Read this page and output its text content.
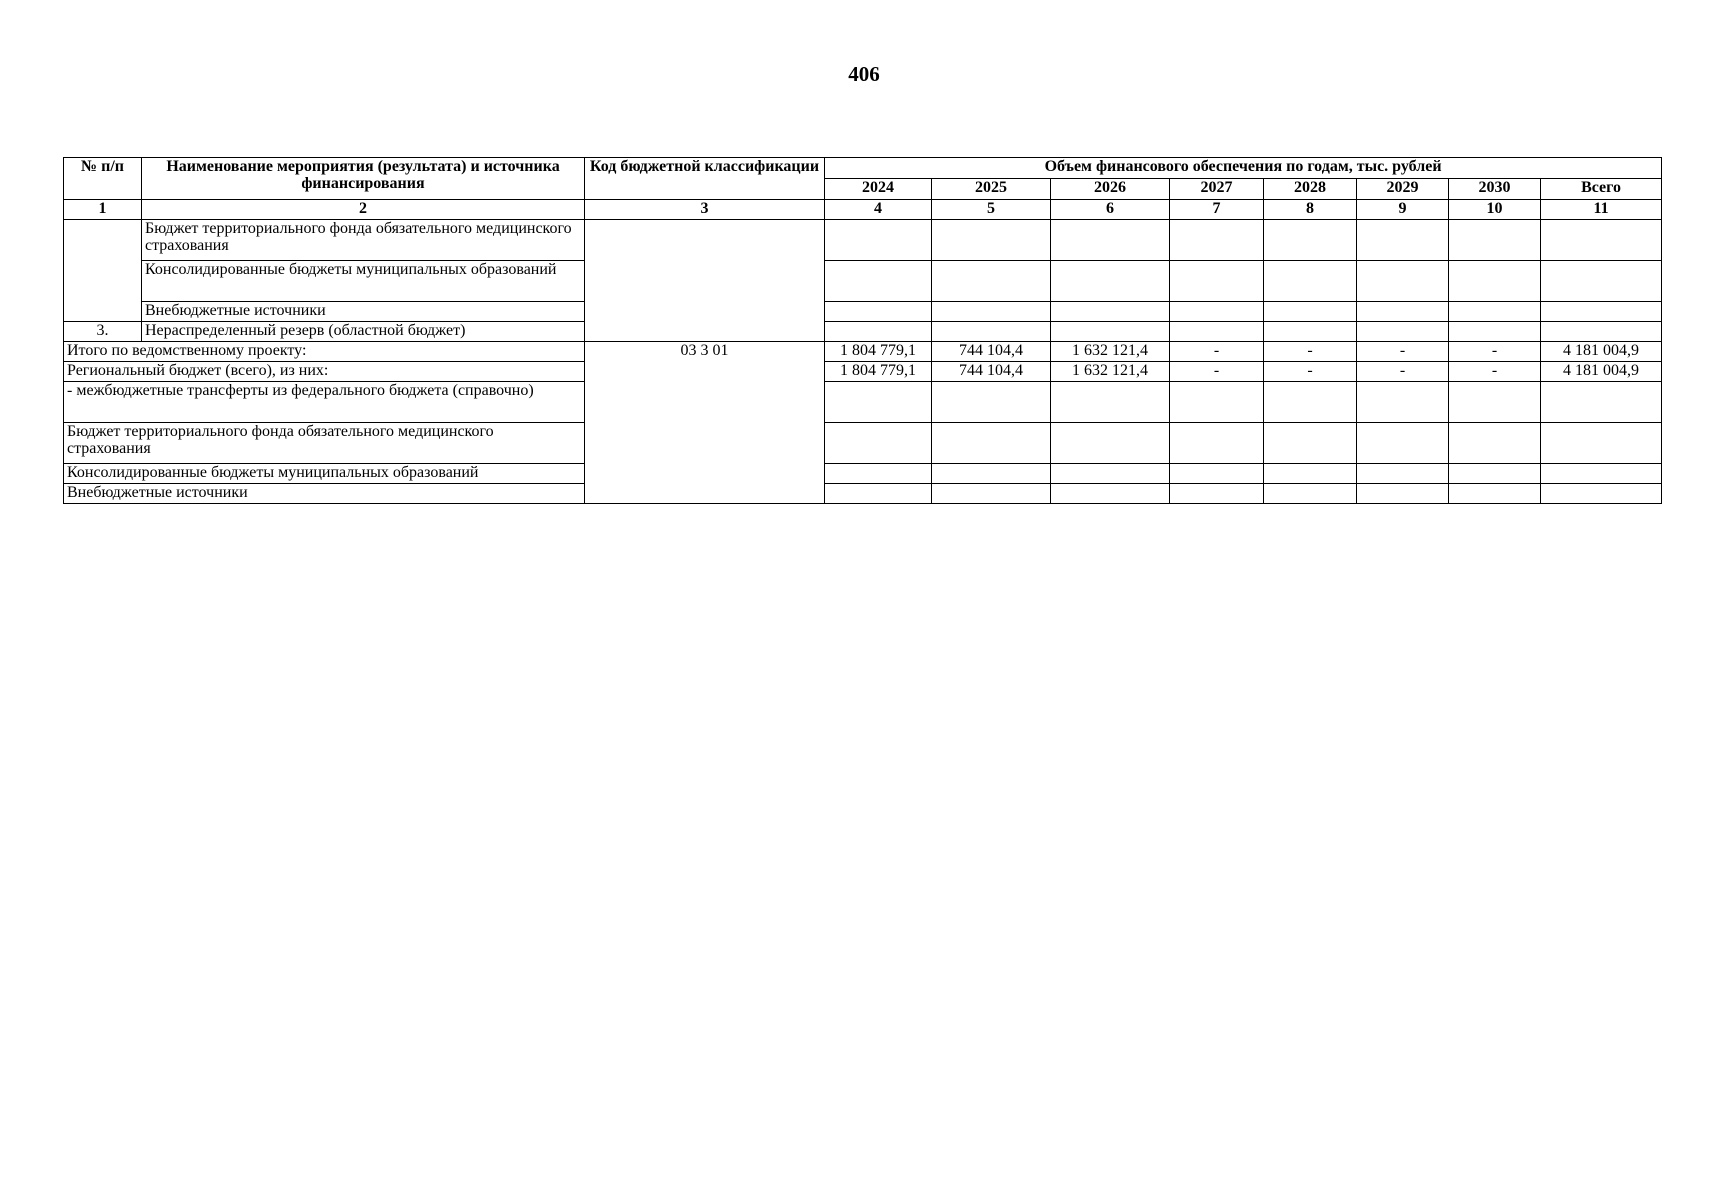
406
№ п/п	Наименование мероприятия (результата) и источника финансирования	Код бюджетной классификации	Объем финансового обеспечения по годам, тыс. рублей							
			2024	2025	2026	2027	2028	2029	2030	Всего
1	2	3	4	5	6	7	8	9	10	11
	Бюджет территориального фонда обязательного медицинского страхования									
	Консолидированные бюджеты муниципальных образований									
	Внебюджетные источники									
3.	Нераспределенный резерв (областной бюджет)									
Итого по ведомственному проекту:		03 3 01	1 804 779,1	744 104,4	1 632 121,4	-	-	-	-	4 181 004,9
Региональный бюджет (всего), из них:			1 804 779,1	744 104,4	1 632 121,4	-	-	-	-	4 181 004,9
- межбюджетные трансферты из федерального бюджета (справочно)										
Бюджет территориального фонда обязательного медицинского страхования										
Консолидированные бюджеты муниципальных образований										
Внебюджетные источники										
